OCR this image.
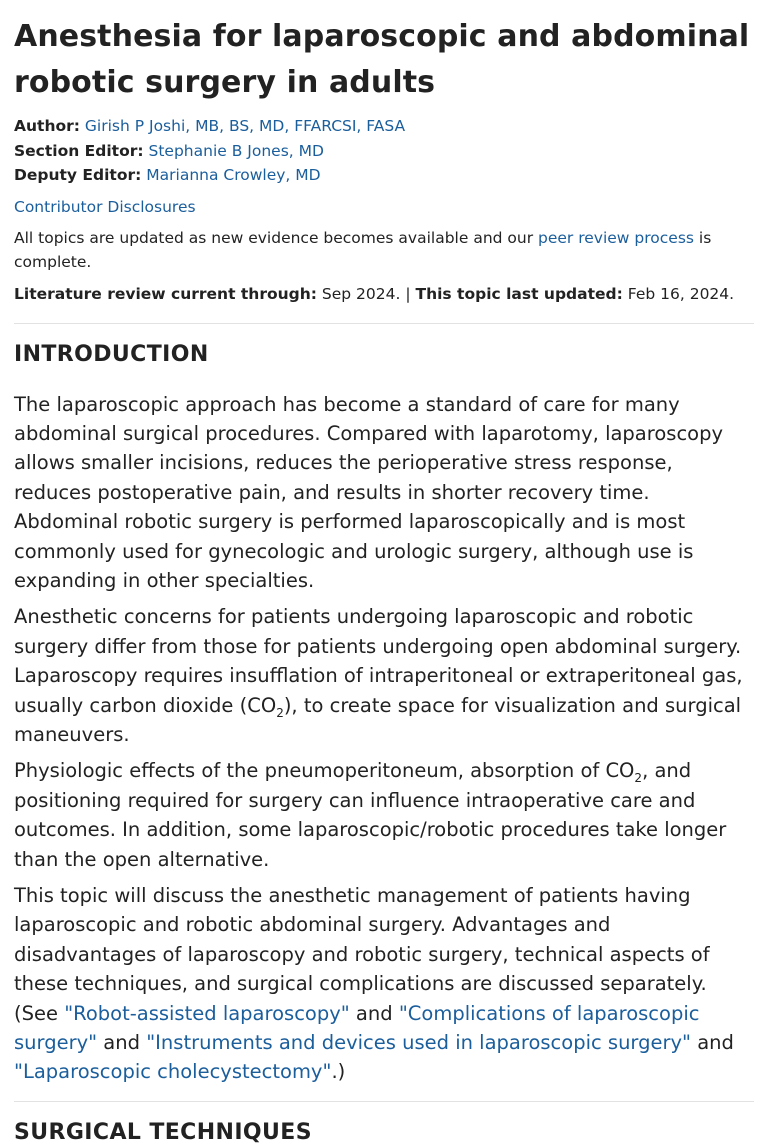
Anesthesia for laparoscopic and abdominal robotic surgery in adults
Author: Girish P Joshi, MB, BS, MD, FFARCSI, FASA
Section Editor: Stephanie B Jones, MD
Deputy Editor: Marianna Crowley, MD
Contributor Disclosures
All topics are updated as new evidence becomes available and our peer review process is complete.
Literature review current through: Sep 2024. | This topic last updated: Feb 16, 2024.
INTRODUCTION

The laparoscopic approach has become a standard of care for many abdominal surgical procedures. Compared with laparotomy, laparoscopy allows smaller incisions, reduces the perioperative stress response, reduces postoperative pain, and results in shorter recovery time. Abdominal robotic surgery is performed laparoscopically and is most commonly used for gynecologic and urologic surgery, although use is expanding in other specialties.

Anesthetic concerns for patients undergoing laparoscopic and robotic surgery differ from those for patients undergoing open abdominal surgery. Laparoscopy requires insufflation of intraperitoneal or extraperitoneal gas, usually carbon dioxide $(CO_2)$, to create space for visualization and surgical maneuvers.

Physiologic effects of the pneumoperitoneum, absorption of $CO_2$, and positioning required for surgery can influence intraoperative care and outcomes. In addition, some laparoscopic/robotic procedures take longer than the open alternative.

This topic will discuss the anesthetic management of patients having laparoscopic and robotic abdominal surgery. Advantages and disadvantages of laparoscopy and robotic surgery, technical aspects of these techniques, and surgical complications are discussed separately. (See "Robot-assisted laparoscopy" and "Complications of laparoscopic surgery" and "Instruments and devices used in laparoscopic surgery" and "Laparoscopic cholecystectomy".)

SURGICAL TECHNIQUES
